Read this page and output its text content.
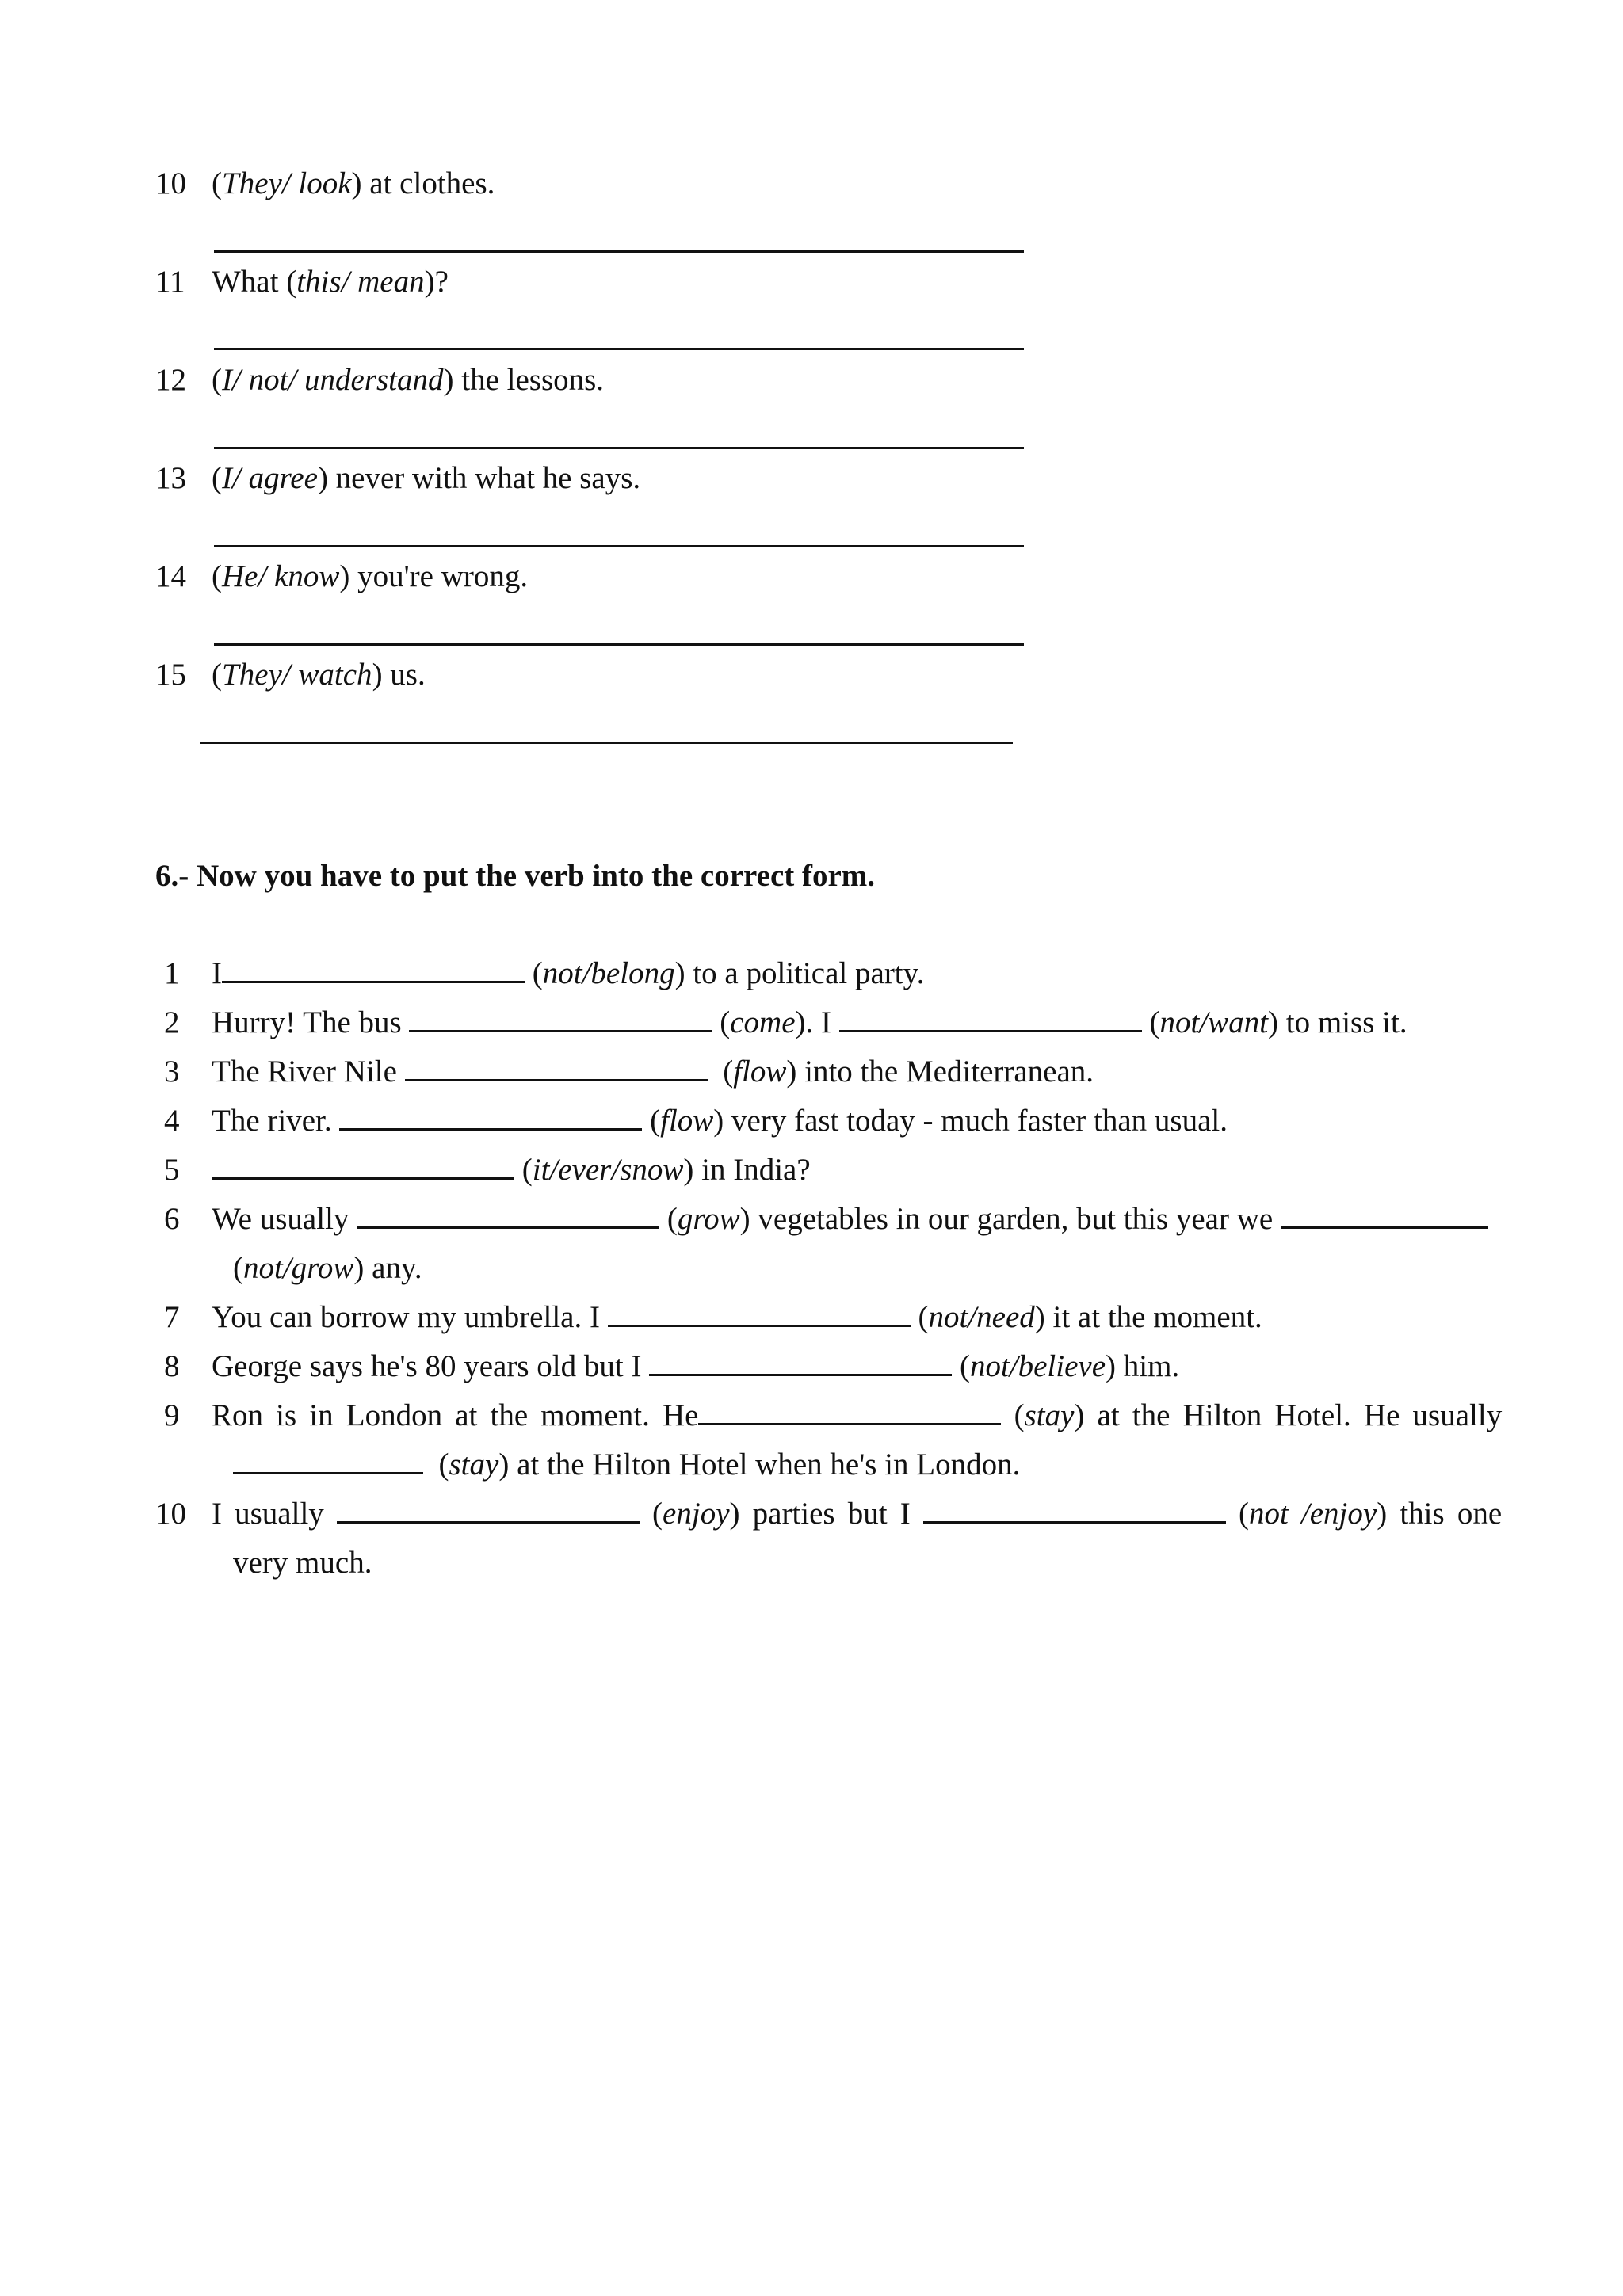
10 (They/ look) at clothes.
11 What (this/ mean)?
12 (I/ not/ understand) the lessons.
13 (I/ agree) never with what he says.
14 (He/ know) you're wrong.
15 (They/ watch) us.
6.- Now you have to put the verb into the correct form.
1 I	(not/belong) to a political party.
2 Hurry! The bus	(come). I	(not/want) to miss it.
3 The River Nile	(flow) into the Mediterranean.
4 The river.	(flow) very fast today - much faster than usual.
5	(it/ever/snow) in India?
6 We usually	(grow) vegetables in our garden, but this year we
(not/grow) any.
7 You can borrow my umbrella. I	(not/need) it at the moment.
8 George says he's 80 years old but I	(not/believe) him.
9 Ron is in London at the moment. He	(stay) at the Hilton Hotel. He usually
(stay) at the Hilton Hotel when he's in London.
10 I usually	(enjoy) parties but I	(not /enjoy) this one
very much.
